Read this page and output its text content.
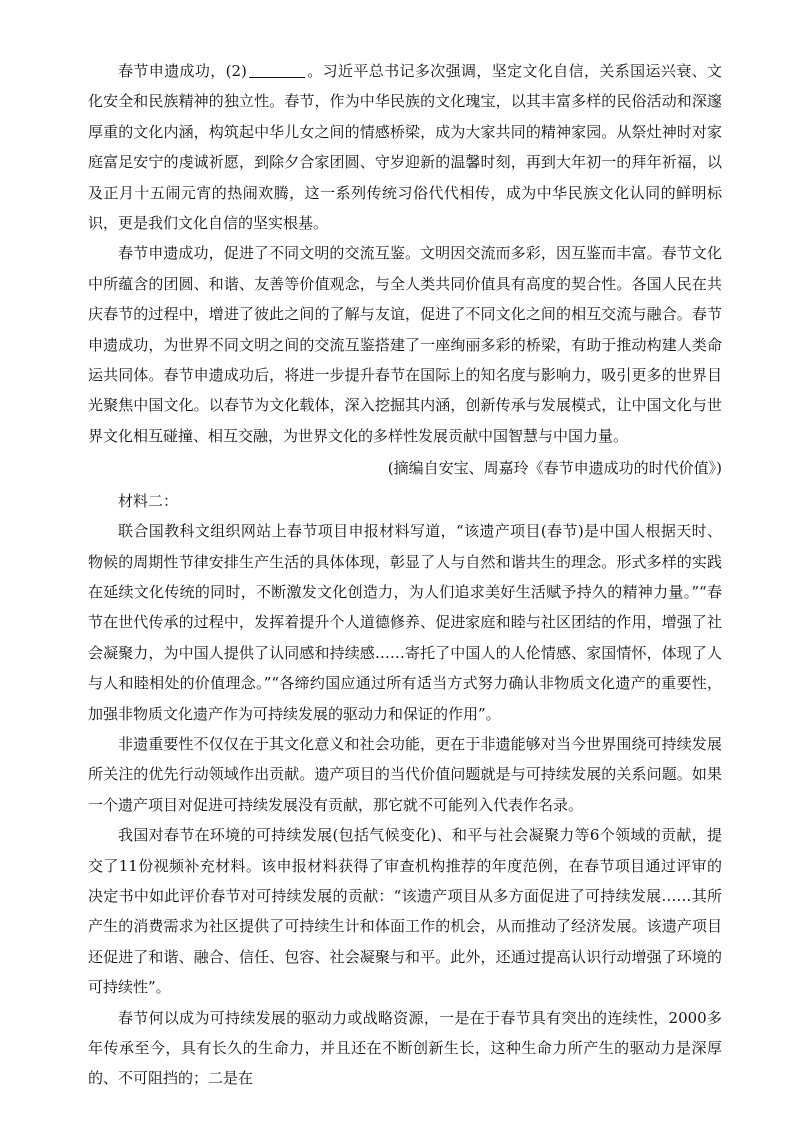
春节申遗成功，(2)	。习近平总书记多次强调，坚定文化自信，关系国运兴衰、文化安全和民族精神的独立性。春节，作为中华民族的文化瑰宝，以其丰富多样的民俗活动和深邃厚重的文化内涵，构筑起中华儿女之间的情感桥梁，成为大家共同的精神家园。从祭灶神时对家庭富足安宁的虔诚祈愿，到除夕合家团圆、守岁迎新的温馨时刻，再到大年初一的拜年祈福，以及正月十五闹元宵的热闹欢腾，这一系列传统习俗代代相传，成为中华民族文化认同的鲜明标识，更是我们文化自信的坚实根基。

春节申遗成功，促进了不同文明的交流互鉴。文明因交流而多彩，因互鉴而丰富。春节文化中所蕴含的团圆、和谐、友善等价值观念，与全人类共同价值具有高度的契合性。各国人民在共庆春节的过程中，增进了彼此之间的了解与友谊，促进了不同文化之间的相互交流与融合。春节申遗成功，为世界不同文明之间的交流互鉴搭建了一座绚丽多彩的桥梁，有助于推动构建人类命运共同体。春节申遗成功后，将进一步提升春节在国际上的知名度与影响力，吸引更多的世界目光聚焦中国文化。以春节为文化载体，深入挖掘其内涵，创新传承与发展模式，让中国文化与世界文化相互碰撞、相互交融，为世界文化的多样性发展贡献中国智慧与中国力量。

(摘编自安宝、周嘉玲《春节申遗成功的时代价值》)

材料二：

联合国教科文组织网站上春节项目申报材料写道，“该遗产项目(春节)是中国人根据天时、物候的周期性节律安排生产生活的具体体现，彰显了人与自然和谐共生的理念。形式多样的实践在延续文化传统的同时，不断激发文化创造力，为人们追求美好生活赋予持久的精神力量。”“春节在世代传承的过程中，发挥着提升个人道德修养、促进家庭和睦与社区团结的作用，增强了社会凝聚力，为中国人提供了认同感和持续感……寄托了中国人的人伦情感、家国情怀，体现了人与人和睦相处的价值理念。”“各缔约国应通过所有适当方式努力确认非物质文化遗产的重要性，加强非物质文化遗产作为可持续发展的驱动力和保证的作用”。

非遗重要性不仅仅在于其文化意义和社会功能，更在于非遗能够对当今世界围绕可持续发展所关注的优先行动领域作出贡献。遗产项目的当代价值问题就是与可持续发展的关系问题。如果一个遗产项目对促进可持续发展没有贡献，那它就不可能列入代表作名录。

我国对春节在环境的可持续发展(包括气候变化)、和平与社会凝聚力等6个领域的贡献，提交了11份视频补充材料。该申报材料获得了审查机构推荐的年度范例，在春节项目通过评审的决定书中如此评价春节对可持续发展的贡献：“该遗产项目从多方面促进了可持续发展……其所产生的消费需求为社区提供了可持续生计和体面工作的机会，从而推动了经济发展。该遗产项目还促进了和谐、融合、信任、包容、社会凝聚与和平。此外，还通过提高认识行动增强了环境的可持续性”。

春节何以成为可持续发展的驱动力或战略资源，一是在于春节具有突出的连续性，2000多年传承至今，具有长久的生命力，并且还在不断创新生长，这种生命力所产生的驱动力是深厚的、不可阻挡的；二是在
